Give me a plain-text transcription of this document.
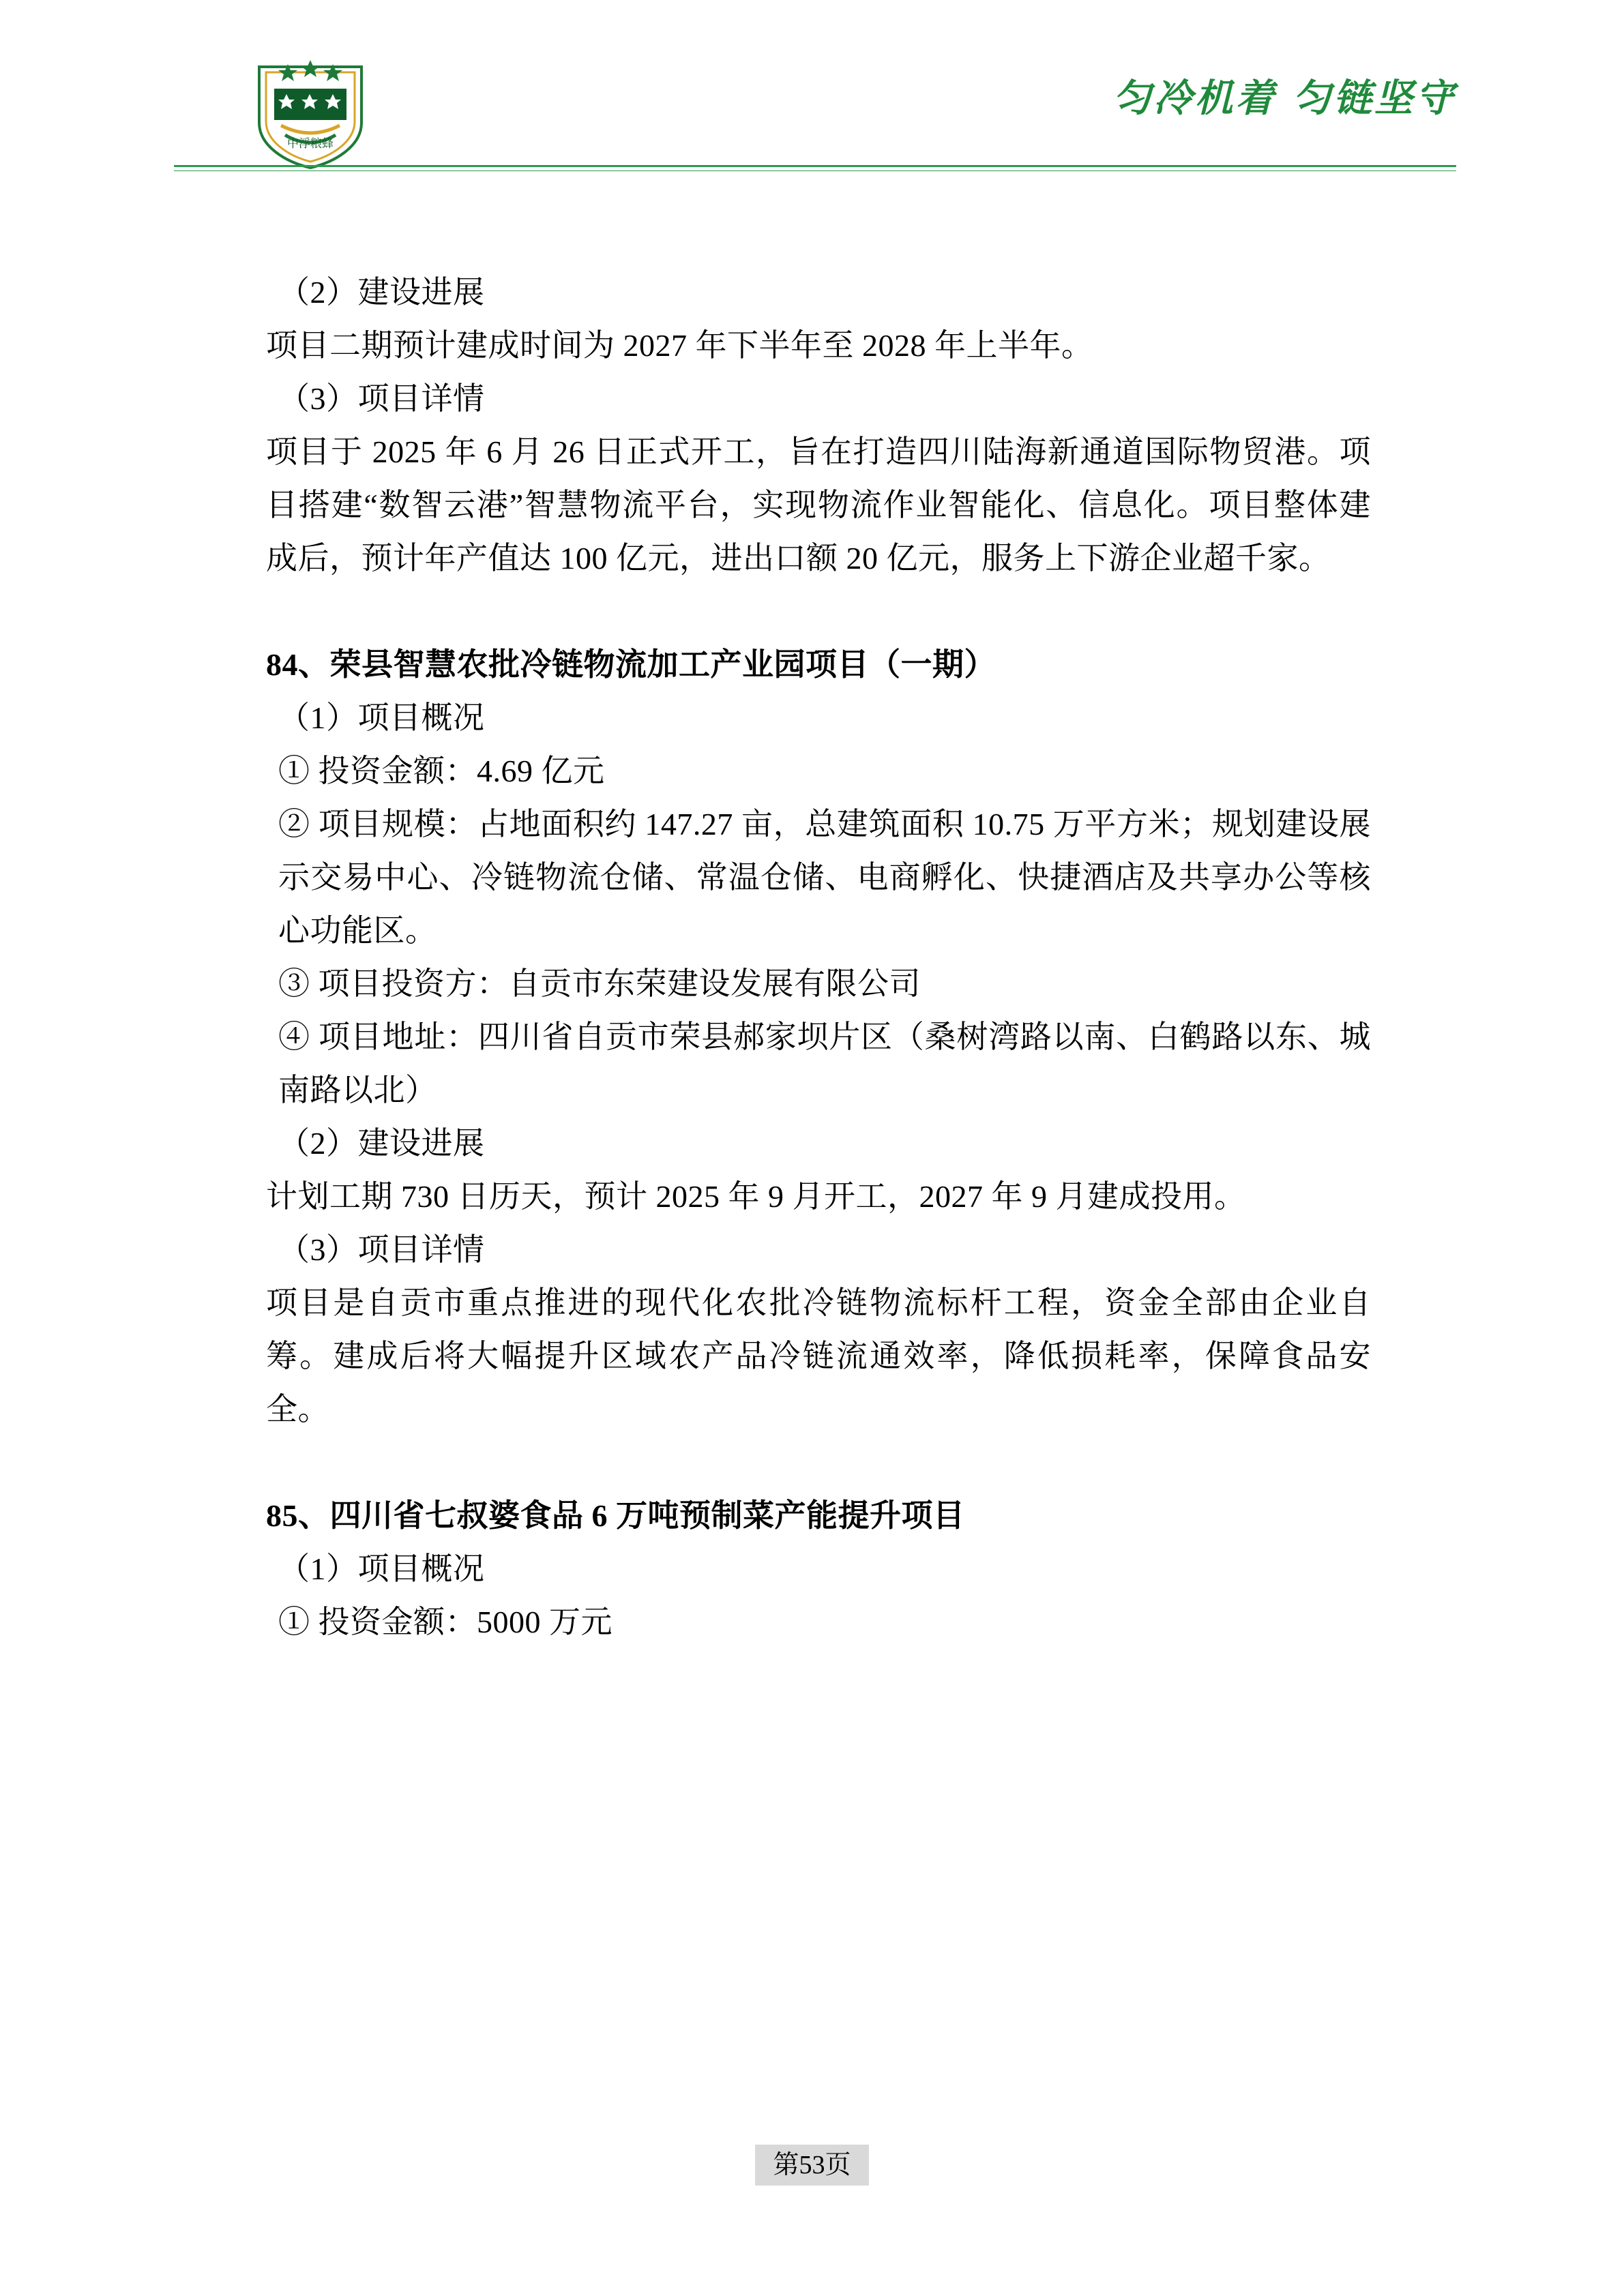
中浮粮蜂
匀冷机着 匀链坚守

（2）建设进展

项目二期预计建成时间为 2027 年下半年至 2028 年上半年。

（3）项目详情

项目于 2025 年 6 月 26 日正式开工，旨在打造四川陆海新通道国际物贸港。项目搭建“数智云港”智慧物流平台，实现物流作业智能化、信息化。项目整体建成后，预计年产值达 100 亿元，进出口额 20 亿元，服务上下游企业超千家。

84、荣县智慧农批冷链物流加工产业园项目（一期）

（1）项目概况

① 投资金额：4.69 亿元

② 项目规模：占地面积约 147.27 亩，总建筑面积 10.75 万平方米；规划建设展示交易中心、冷链物流仓储、常温仓储、电商孵化、快捷酒店及共享办公等核心功能区。

③ 项目投资方：自贡市东荣建设发展有限公司

④ 项目地址：四川省自贡市荣县郝家坝片区（桑树湾路以南、白鹤路以东、城南路以北）

（2）建设进展

计划工期 730 日历天，预计 2025 年 9 月开工，2027 年 9 月建成投用。

（3）项目详情

项目是自贡市重点推进的现代化农批冷链物流标杆工程，资金全部由企业自筹。建成后将大幅提升区域农产品冷链流通效率，降低损耗率，保障食品安全。

85、四川省七叔婆食品 6 万吨预制菜产能提升项目

（1）项目概况

① 投资金额：5000 万元

第53页
